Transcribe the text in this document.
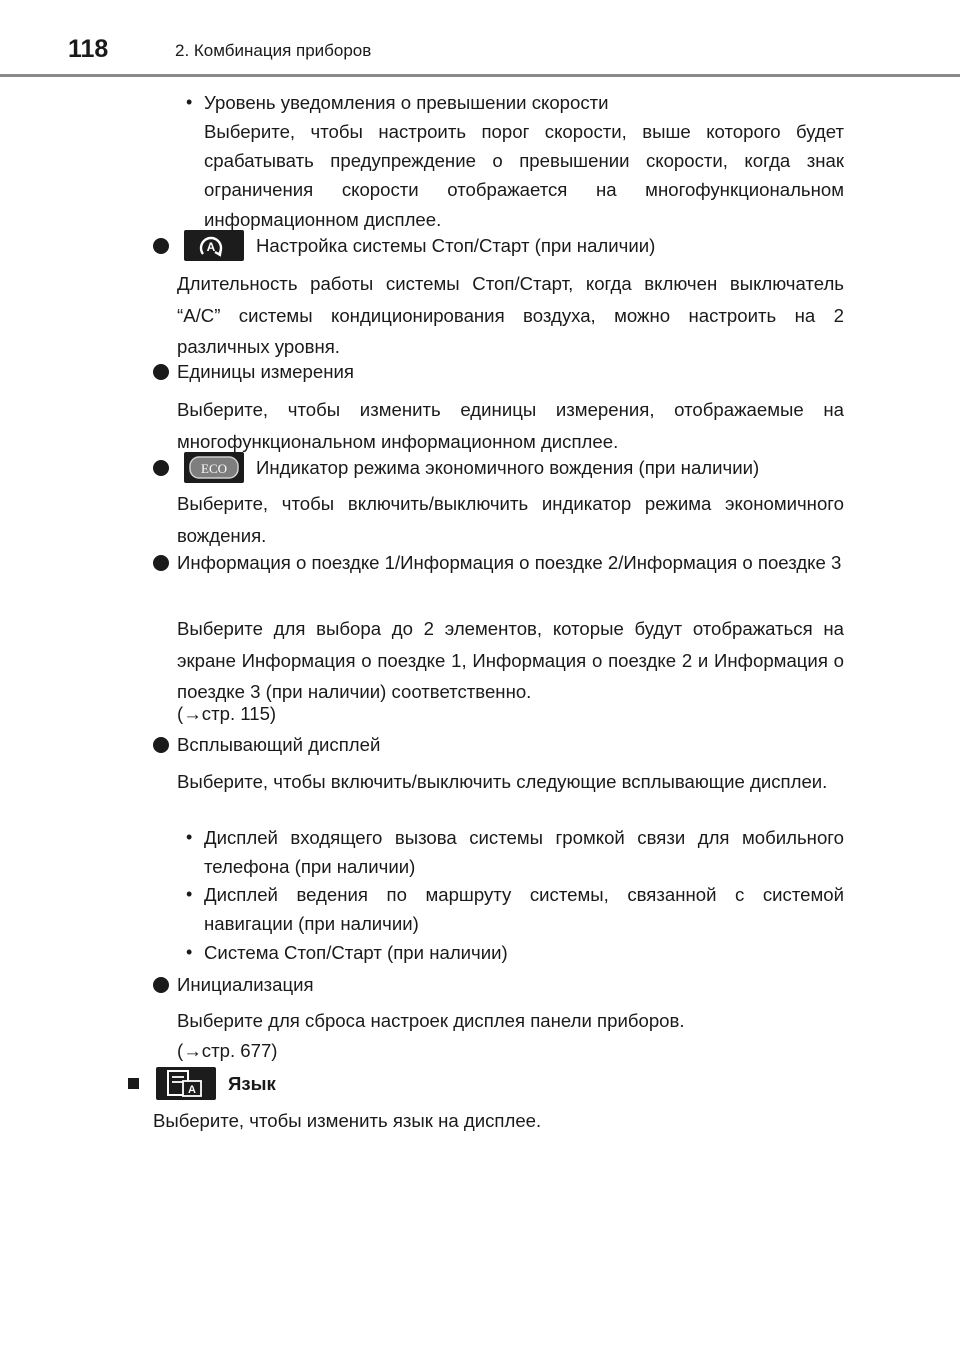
118	2. Комбинация приборов
• Уровень уведомления о превышении скорости
Выберите, чтобы настроить порог скорости, выше которого будет срабатывать предупреждение о превышении скорости, когда знак ограничения скорости отображается на многофункциональном информационном дисплее.
A Настройка системы Стоп/Старт (при наличии)
Длительность работы системы Стоп/Старт, когда включен выключатель “A/C” системы кондиционирования воздуха, можно настроить на 2 различных уровня.
Единицы измерения
Выберите, чтобы изменить единицы измерения, отображаемые на многофункциональном информационном дисплее.
ECO Индикатор режима экономичного вождения (при наличии)
Выберите, чтобы включить/выключить индикатор режима экономичного вождения.
Информация о поездке 1/Информация о поездке 2/Информация о поездке 3
Выберите для выбора до 2 элементов, которые будут отображаться на экране Информация о поездке 1, Информация о поездке 2 и Информация о поездке 3 (при наличии) соответственно.
(→стр. 115)
Всплывающий дисплей
Выберите, чтобы включить/выключить следующие всплывающие дисплеи.
• Дисплей входящего вызова системы громкой связи для мобильного телефона (при наличии)
• Дисплей ведения по маршруту системы, связанной с системой навигации (при наличии)
• Система Стоп/Старт (при наличии)
Инициализация
Выберите для сброса настроек дисплея панели приборов.
(→стр. 677)
A Язык
Выберите, чтобы изменить язык на дисплее.
